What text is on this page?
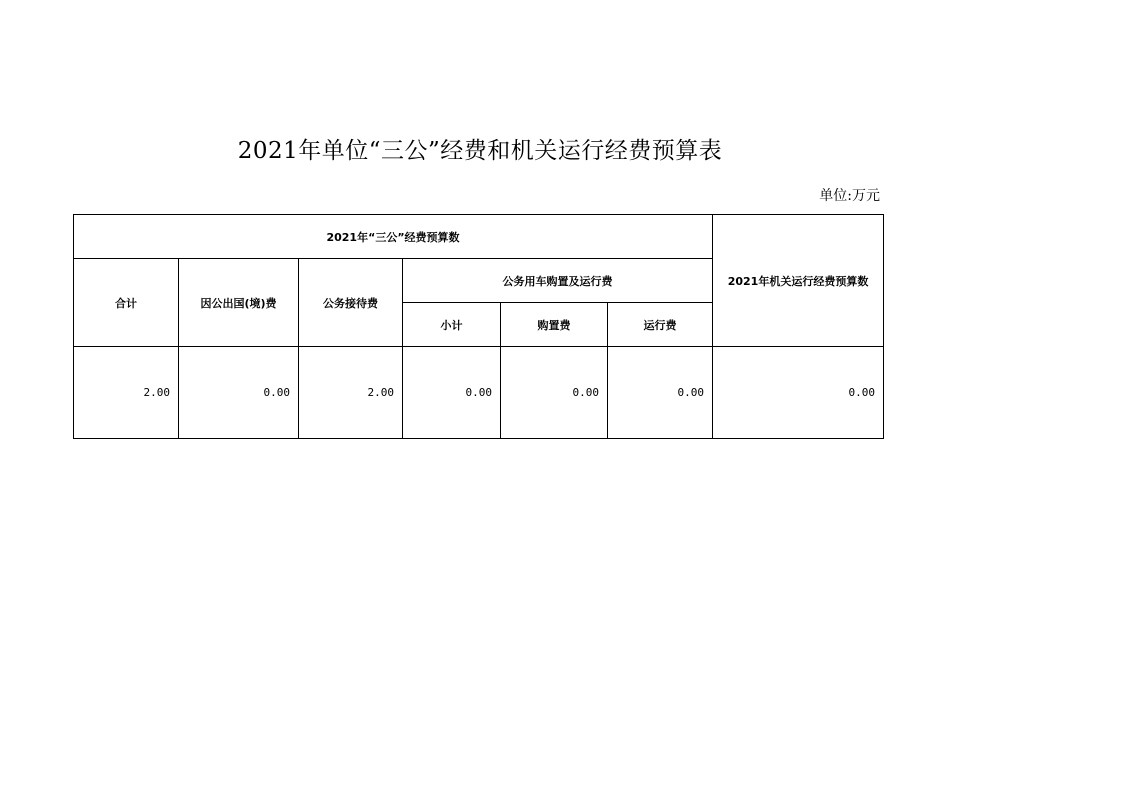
2021年单位“三公”经费和机关运行经费预算表
单位:万元
2021年“三公”经费预算数						2021年机关运行经费预算数
合计	因公出国(境)费	公务接待费	公务用车购置及运行费			
			小计	购置费	运行费	
2.00	0.00	2.00	0.00	0.00	0.00	0.00
